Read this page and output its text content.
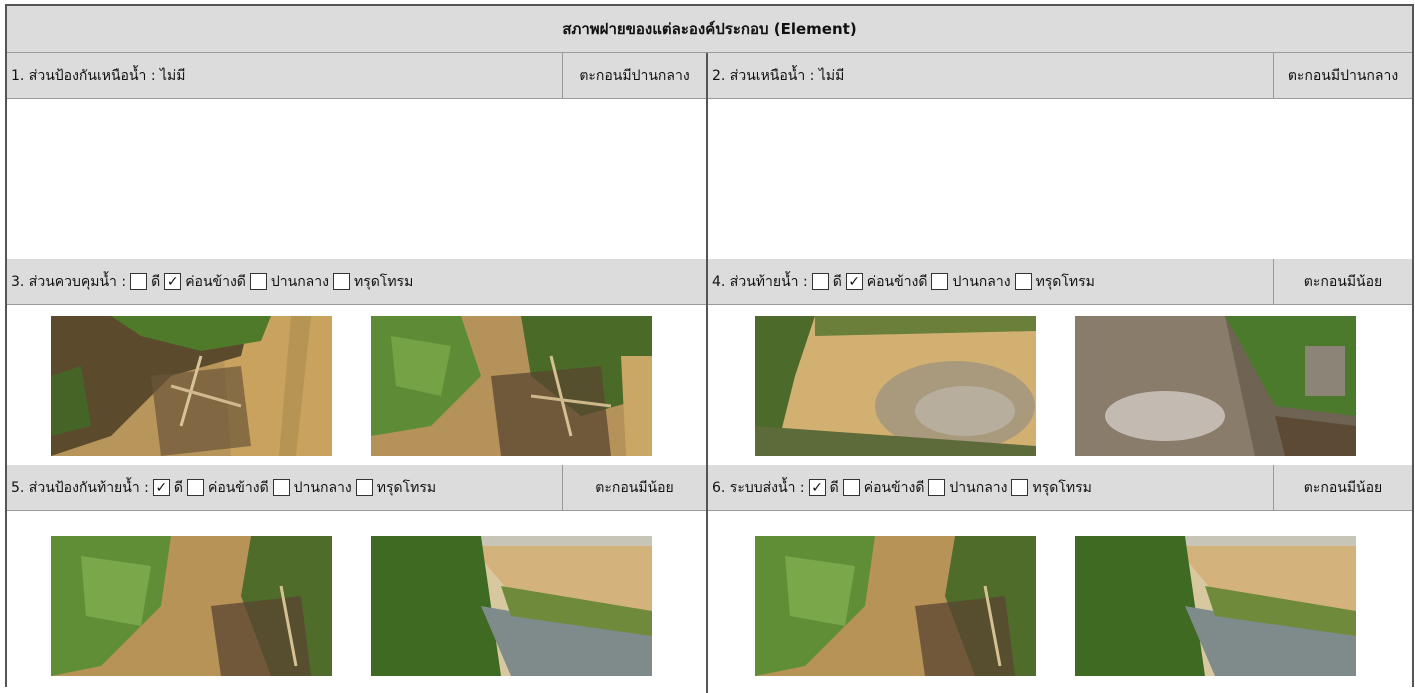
สภาพฝายของแต่ละองค์ประกอบ (Element)
1. ส่วนป้องกันเหนือน้ำ : ไม่มี	ตะกอนมีปานกลาง	2. ส่วนเหนือน้ำ : ไม่มี	ตะกอนมีปานกลาง
3. ส่วนควบคุมน้ำ :	ดี ✓ ค่อนข้างดี ปานกลาง ทรุดโทรม	4. ส่วนท้ายน้ำ :	ดี ✓ ค่อนข้างดี ปานกลาง ทรุดโทรม	ตะกอนมีน้อย
5. ส่วนป้องกันท้ายน้ำ : ✓ ดี ค่อนข้างดี ปานกลาง ทรุดโทรม	ตะกอนมีน้อย	6. ระบบส่งน้ำ : ✓ ดี ค่อนข้างดี ปานกลาง ทรุดโทรม	ตะกอนมีน้อย
